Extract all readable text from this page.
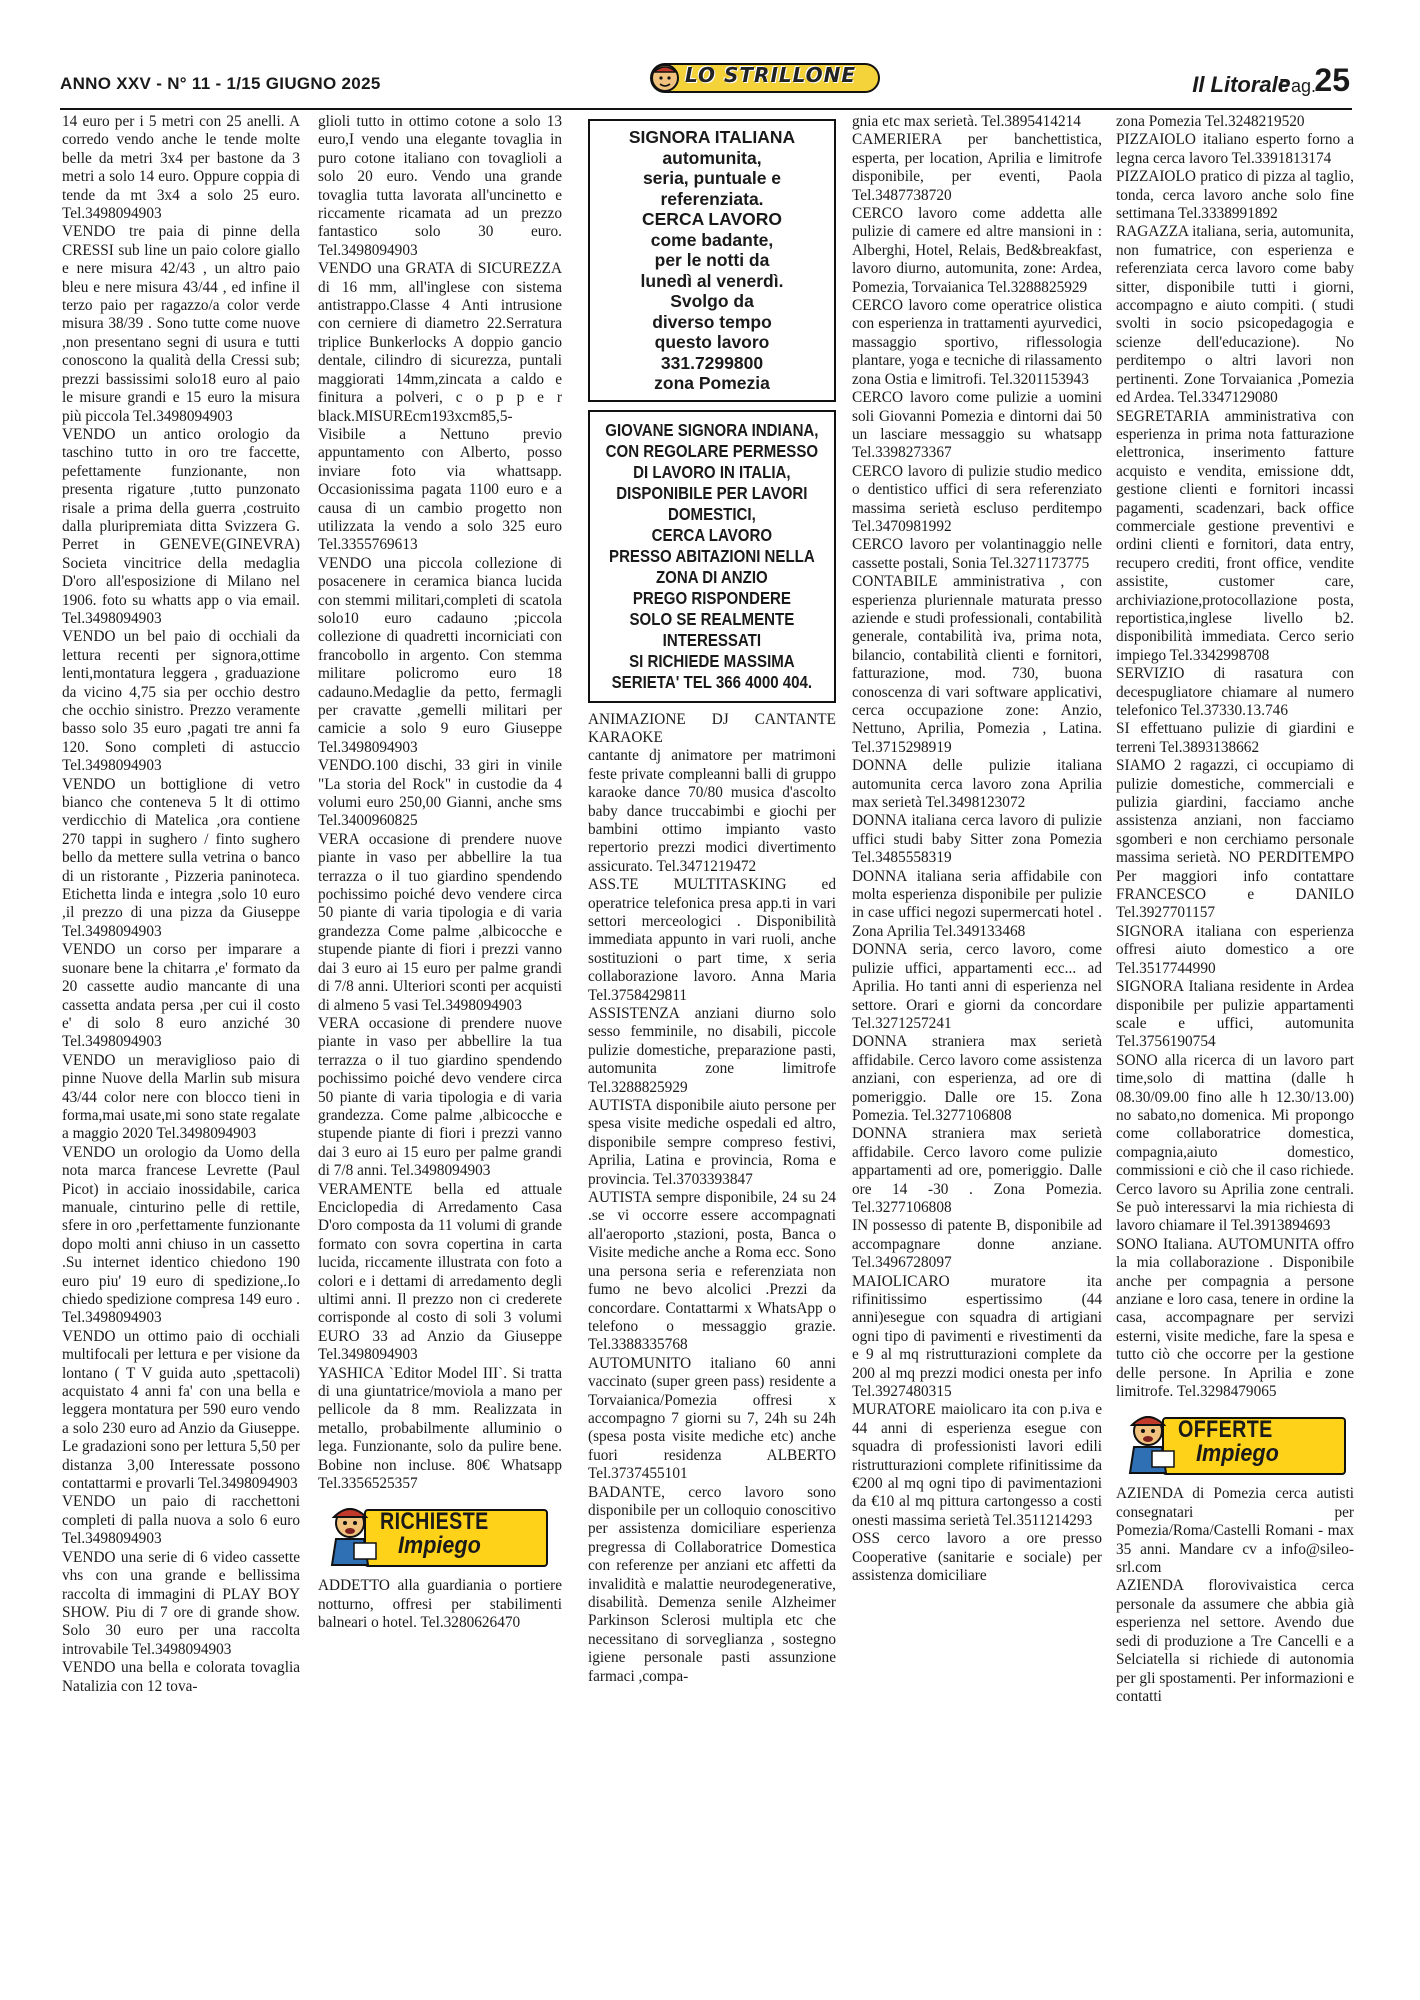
ANNO XXV - N° 11 - 1/15 GIUGNO 2025	LO STRILLONE	Il Litorale
Pag.
25

14 euro per i 5 metri con 25 anelli. A corredo vendo anche le tende molte belle da metri 3x4 per bastone da 3 metri a solo 14 euro. Oppure coppia di tende da mt 3x4 a solo 25 euro. Tel.3498094903

VENDO tre paia di pinne della CRESSI sub line un paio colore giallo e nere misura 42/43 , un altro paio bleu e nere misura 43/44 , ed infine il terzo paio per ragazzo/a color verde misura 38/39 . Sono tutte come nuove ,non presentano segni di usura e tutti conoscono la qualità della Cressi sub; prezzi bassissimi solo18 euro al paio le misure grandi e 15 euro la misura più piccola Tel.3498094903

VENDO un antico orologio da taschino tutto in oro tre faccette, pefettamente funzionante, non presenta rigature ,tutto punzonato risale a prima della guerra ,costruito dalla pluripremiata ditta Svizzera G. Perret in GENEVE(GINEVRA) Societa vincitrice della medaglia D'oro all'esposizione di Milano nel 1906. foto su whatts app o via email. Tel.3498094903

VENDO un bel paio di occhiali da lettura recenti per signora,ottime lenti,montatura leggera , graduazione da vicino 4,75 sia per occhio destro che occhio sinistro. Prezzo veramente basso solo 35 euro ,pagati tre anni fa 120. Sono completi di astuccio Tel.3498094903

VENDO un bottiglione di vetro bianco che conteneva 5 lt di ottimo verdicchio di Matelica ,ora contiene 270 tappi in sughero / finto sughero bello da mettere sulla vetrina o banco di un ristorante , Pizzeria paninoteca. Etichetta linda e integra ,solo 10 euro ,il prezzo di una pizza da Giuseppe Tel.3498094903

VENDO un corso per imparare a suonare bene la chitarra ,e' formato da 20 cassette audio mancante di una cassetta andata persa ,per cui il costo e' di solo 8 euro anziché 30 Tel.3498094903

VENDO un meraviglioso paio di pinne Nuove della Marlin sub misura 43/44 color nere con blocco tieni in forma,mai usate,mi sono state regalate a maggio 2020 Tel.3498094903

VENDO un orologio da Uomo della nota marca francese Levrette (Paul Picot) in acciaio inossidabile, carica manuale, cinturino pelle di rettile, sfere in oro ,perfettamente funzionante dopo molti anni chiuso in un cassetto .Su internet identico chiedono 190 euro piu' 19 euro di spedizione,.Io chiedo spedizione compresa 149 euro . Tel.3498094903

VENDO un ottimo paio di occhiali multifocali per lettura e per visione da lontano ( T V guida auto ,spettacoli) acquistato 4 anni fa' con una bella e leggera montatura per 590 euro vendo a solo 230 euro ad Anzio da Giuseppe. Le gradazioni sono per lettura 5,50 per distanza 3,00 Interessate possono contattarmi e provarli Tel.3498094903

VENDO un paio di racchettoni completi di palla nuova a solo 6 euro Tel.3498094903

VENDO una serie di 6 video cassette vhs con una grande e bellissima raccolta di immagini di PLAY BOY SHOW. Piu di 7 ore di grande show. Solo 30 euro per una raccolta introvabile Tel.3498094903

VENDO una bella e colorata tovaglia Natalizia con 12 tova-

glioli tutto in ottimo cotone a solo 13 euro,I vendo una elegante tovaglia in puro cotone italiano con tovaglioli a solo 20 euro. Vendo una grande tovaglia tutta lavorata all'uncinetto e riccamente ricamata ad un prezzo fantastico solo 30 euro. Tel.3498094903

VENDO una GRATA di SICUREZZA di 16 mm, all'inglese con sistema antistrappo.Classe 4 Anti intrusione con cerniere di diametro 22.Serratura triplice Bunkerlocks A doppio gancio dentale, cilindro di sicurezza, puntali maggiorati 14mm,zincata a caldo e finitura a polveri, c o p p e r black.MISUREcm193xcm85,5- Visibile a Nettuno previo appuntamento con Alberto, posso inviare foto via whattsapp. Occasionissima pagata 1100 euro e a causa di un cambio progetto non utilizzata la vendo a solo 325 euro Tel.3355769613

VENDO una piccola collezione di posacenere in ceramica bianca lucida con stemmi militari,completi di scatola solo10 euro cadauno ;piccola collezione di quadretti incorniciati con francobollo in argento. Con stemma militare policromo euro 18 cadauno.Medaglie da petto, fermagli per cravatte ,gemelli militari per camicie a solo 9 euro Giuseppe Tel.3498094903

VENDO.100 dischi, 33 giri in vinile "La storia del Rock" in custodie da 4 volumi euro 250,00 Gianni, anche sms Tel.3400960825

VERA occasione di prendere nuove piante in vaso per abbellire la tua terrazza o il tuo giardino spendendo pochissimo poiché devo vendere circa 50 piante di varia tipologia e di varia grandezza Come palme ,albicocche e stupende piante di fiori i prezzi vanno dai 3 euro ai 15 euro per palme grandi di 7/8 anni. Ulteriori sconti per acquisti di almeno 5 vasi Tel.3498094903

VERA occasione di prendere nuove piante in vaso per abbellire la tua terrazza o il tuo giardino spendendo pochissimo poiché devo vendere circa 50 piante di varia tipologia e di varia grandezza. Come palme ,albicocche e stupende piante di fiori i prezzi vanno dai 3 euro ai 15 euro per palme grandi di 7/8 anni. Tel.3498094903

VERAMENTE bella ed attuale Enciclopedia di Arredamento Casa D'oro composta da 11 volumi di grande formato con sovra copertina in carta lucida, riccamente illustrata con foto a colori e i dettami di arredamento degli ultimi anni. Il prezzo non ci crederete corrisponde al costo di soli 3 volumi EURO 33 ad Anzio da Giuseppe Tel.3498094903

YASHICA `Editor Model III`. Si tratta di una giuntatrice/moviola a mano per pellicole da 8 mm. Realizzata in metallo, probabilmente alluminio o lega. Funzionante, solo da pulire bene. Bobine non incluse. 80€ Whatsapp Tel.3356525357

RICHIESTE
Impiego

ADDETTO alla guardiania o portiere notturno, offresi per stabilimenti balneari o hotel. Tel.3280626470

SIGNORA ITALIANA
automunita,
seria, puntuale e
referenziata.
CERCA LAVORO
come badante,
per le notti da
lunedì al venerdì.
Svolgo da
diverso tempo
questo lavoro
331.7299800
zona Pomezia
GIOVANE SIGNORA INDIANA,
CON REGOLARE PERMESSO
DI LAVORO IN ITALIA,
DISPONIBILE PER LAVORI
DOMESTICI,
CERCA LAVORO
PRESSO ABITAZIONI NELLA
ZONA DI ANZIO
PREGO RISPONDERE
SOLO SE REALMENTE
INTERESSATI
SI RICHIEDE MASSIMA
SERIETA' TEL 366 4000 404.

ANIMAZIONE DJ CANTANTE KARAOKE

cantante dj animatore per matrimoni feste private compleanni balli di gruppo karaoke dance 70/80 musica d'ascolto baby dance truccabimbi e giochi per bambini ottimo impianto vasto repertorio prezzi modici divertimento assicurato. Tel.3471219472

ASS.TE MULTITASKING ed operatrice telefonica presa app.ti in vari settori merceologici . Disponibilità immediata appunto in vari ruoli, anche sostituzioni o part time, x seria collaborazione lavoro. Anna Maria Tel.3758429811

ASSISTENZA anziani diurno solo sesso femminile, no disabili, piccole pulizie domestiche, preparazione pasti, automunita zone limitrofe Tel.3288825929

AUTISTA disponibile aiuto persone per spesa visite mediche ospedali ed altro, disponibile sempre compreso festivi, Aprilia, Latina e provincia, Roma e provincia. Tel.3703393847

AUTISTA sempre disponibile, 24 su 24 .se vi occorre essere accompagnati all'aeroporto ,stazioni, posta, Banca o Visite mediche anche a Roma ecc. Sono una persona seria e referenziata non fumo ne bevo alcolici .Prezzi da concordare. Contattarmi x WhatsApp o telefono o messaggio grazie. Tel.3388335768

AUTOMUNITO italiano 60 anni vaccinato (super green pass) residente a Torvaianica/Pomezia offresi x accompagno 7 giorni su 7, 24h su 24h (spesa posta visite mediche etc) anche fuori residenza ALBERTO Tel.3737455101

BADANTE, cerco lavoro sono disponibile per un colloquio conoscitivo per assistenza domiciliare esperienza pregressa di Collaboratrice Domestica con referenze per anziani etc affetti da invalidità e malattie neurodegenerative, disabilità. Demenza senile Alzheimer Parkinson Sclerosi multipla etc che necessitano di sorveglianza , sostegno igiene personale pasti assunzione farmaci ,compa-

gnia etc max serietà. Tel.3895414214

CAMERIERA per banchettistica, esperta, per location, Aprilia e limitrofe disponibile, per eventi, Paola Tel.3487738720

CERCO lavoro come addetta alle pulizie di camere ed altre mansioni in : Alberghi, Hotel, Relais, Bed&breakfast, lavoro diurno, automunita, zone: Ardea, Pomezia, Torvaianica Tel.3288825929

CERCO lavoro come operatrice olistica con esperienza in trattamenti ayurvedici, massaggio sportivo, riflessologia plantare, yoga e tecniche di rilassamento zona Ostia e limitrofi. Tel.3201153943

CERCO lavoro come pulizie a uomini soli Giovanni Pomezia e dintorni dai 50 un lasciare messaggio su whatsapp Tel.3398273367

CERCO lavoro di pulizie studio medico o dentistico uffici di sera referenziato massima serietà escluso perditempo Tel.3470981992

CERCO lavoro per volantinaggio nelle cassette postali, Sonia Tel.3271173775

CONTABILE amministrativa , con esperienza pluriennale maturata presso aziende e studi professionali, contabilità generale, contabilità iva, prima nota, bilancio, contabilità clienti e fornitori, fatturazione, mod. 730, buona conoscenza di vari software applicativi, cerca occupazione zone: Anzio, Nettuno, Aprilia, Pomezia , Latina. Tel.3715298919

DONNA delle pulizie italiana automunita cerca lavoro zona Aprilia max serietà Tel.3498123072

DONNA italiana cerca lavoro di pulizie uffici studi baby Sitter zona Pomezia Tel.3485558319

DONNA italiana seria affidabile con molta esperienza disponibile per pulizie in case uffici negozi supermercati hotel . Zona Aprilia Tel.349133468

DONNA seria, cerco lavoro, come pulizie uffici, appartamenti ecc... ad Aprilia. Ho tanti anni di esperienza nel settore. Orari e giorni da concordare Tel.3271257241

DONNA straniera max serietà affidabile. Cerco lavoro come assistenza anziani, con esperienza, ad ore di pomeriggio. Dalle ore 15. Zona Pomezia. Tel.3277106808

DONNA straniera max serietà affidabile. Cerco lavoro come pulizie appartamenti ad ore, pomeriggio. Dalle ore 14 -30 . Zona Pomezia. Tel.3277106808

IN possesso di patente B, disponibile ad accompagnare donne anziane. Tel.3496728097

MAIOLICARO muratore ita rifinitissimo espertissimo (44 anni)esegue con squadra di artigiani ogni tipo di pavimenti e rivestimenti da e 9 al mq ristrutturazioni complete da 200 al mq prezzi modici onesta per info Tel.3927480315

MURATORE maiolicaro ita con p.iva e 44 anni di esperienza esegue con squadra di professionisti lavori edili ristrutturazioni complete rifinitissime da €200 al mq ogni tipo di pavimentazioni da €10 al mq pittura cartongesso a costi onesti massima serietà Tel.3511214293

OSS cerco lavoro a ore presso Cooperative (sanitarie e sociale) per assistenza domiciliare

zona Pomezia Tel.3248219520

PIZZAIOLO italiano esperto forno a legna cerca lavoro Tel.3391813174

PIZZAIOLO pratico di pizza al taglio, tonda, cerca lavoro anche solo fine settimana Tel.3338991892

RAGAZZA italiana, seria, automunita, non fumatrice, con esperienza e referenziata cerca lavoro come baby sitter, disponibile tutti i giorni, accompagno e aiuto compiti. ( studi svolti in socio psicopedagogia e scienze dell'educazione). No perditempo o altri lavori non pertinenti. Zone Torvaianica ,Pomezia ed Ardea. Tel.3347129080

SEGRETARIA amministrativa con esperienza in prima nota fatturazione elettronica, inserimento fatture acquisto e vendita, emissione ddt, gestione clienti e fornitori incassi pagamenti, scadenzari, back office commerciale gestione preventivi e ordini clienti e fornitori, data entry, recupero crediti, front office, vendite assistite, customer care, archiviazione,protocollazione posta, reportistica,inglese livello b2. disponibilità immediata. Cerco serio impiego Tel.3342998708

SERVIZIO di rasatura con decespugliatore chiamare al numero telefonico Tel.37330.13.746

SI effettuano pulizie di giardini e terreni Tel.3893138662

SIAMO 2 ragazzi, ci occupiamo di pulizie domestiche, commerciali e pulizia giardini, facciamo anche assistenza anziani, non facciamo sgomberi e non cerchiamo personale massima serietà. NO PERDITEMPO Per maggiori info contattare FRANCESCO e DANILO Tel.3927701157

SIGNORA italiana con esperienza offresi aiuto domestico a ore Tel.3517744990

SIGNORA Italiana residente in Ardea disponibile per pulizie appartamenti scale e uffici, automunita Tel.3756190754

SONO alla ricerca di un lavoro part time,solo di mattina (dalle h 08.30/09.00 fino alle h 12.30/13.00) no sabato,no domenica. Mi propongo come collaboratrice domestica, compagnia,aiuto domestico, commissioni e ciò che il caso richiede. Cerco lavoro su Aprilia zone centrali. Se può interessarvi la mia richiesta di lavoro chiamare il Tel.3913894693

SONO Italiana. AUTOMUNITA offro la mia collaborazione . Disponibile anche per compagnia a persone anziane e loro casa, tenere in ordine la casa, accompagnare per servizi esterni, visite mediche, fare la spesa e tutto ciò che occorre per la gestione delle persone. In Aprilia e zone limitrofe. Tel.3298479065

OFFERTE
Impiego

AZIENDA di Pomezia cerca autisti consegnatari per Pomezia/Roma/Castelli Romani - max 35 anni. Mandare cv a info@sileo-srl.com

AZIENDA florovivaistica cerca personale da assumere che abbia già esperienza nel settore. Avendo due sedi di produzione a Tre Cancelli e a Selciatella si richiede di autonomia per gli spostamenti. Per informazioni e contatti
